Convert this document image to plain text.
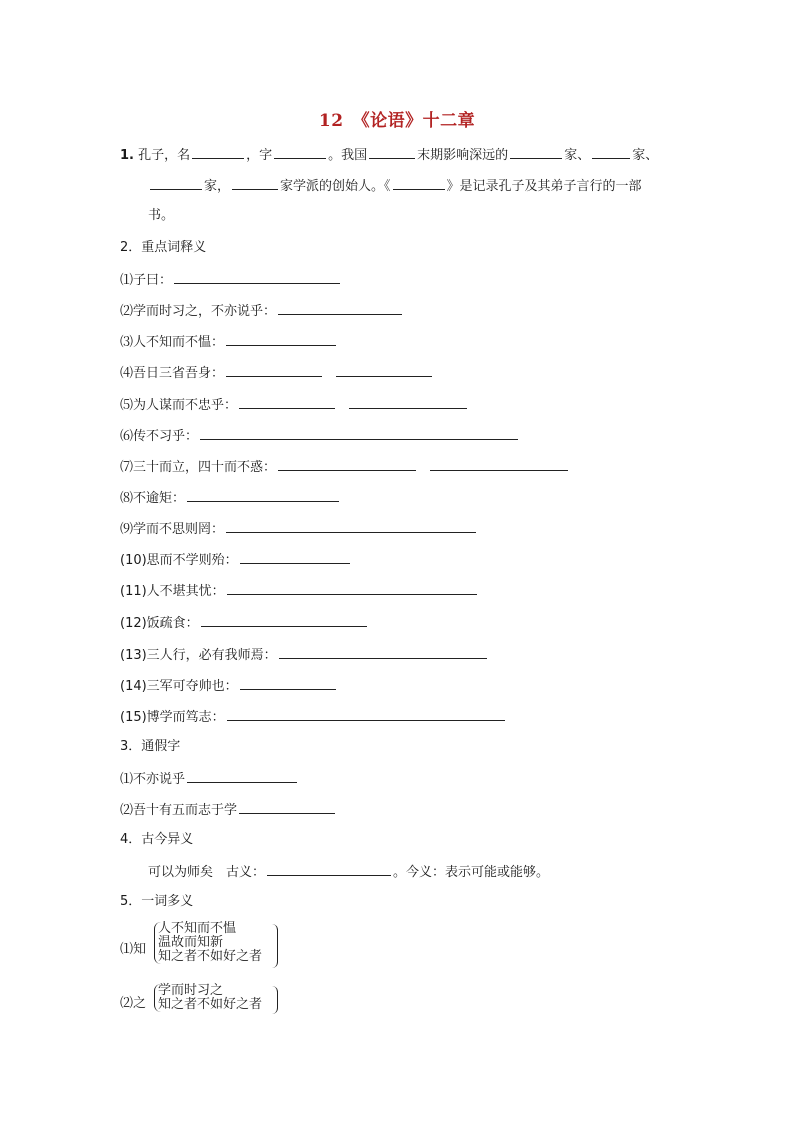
12　《论语》十二章
1. 孔子，名	，字	。我国	末期影响深远的	家、	家、
家，	家学派的创始人。《	》是记录孔子及其弟子言行的一部
书。
2．重点词释义
⑴子曰：
⑵学而时习之，不亦说乎：
⑶人不知而不愠：
⑷吾日三省吾身：
⑸为人谋而不忠乎：
⑹传不习乎：
⑺三十而立，四十而不惑：
⑻不逾矩：
⑼学而不思则罔：
(10)思而不学则殆：
(11)人不堪其忧：
(12)饭疏食：
(13)三人行，必有我师焉：
(14)三军可夺帅也：
(15)博学而笃志：
3．通假字
⑴不亦说乎
⑵吾十有五而志于学
4．古今异义
可以为师矣　古义：	。今义：表示可能或能够。
5．一词多义
⑴知
人不知而不愠
温故而知新
知之者不如好之者
⑵之
学而时习之
知之者不如好之者
